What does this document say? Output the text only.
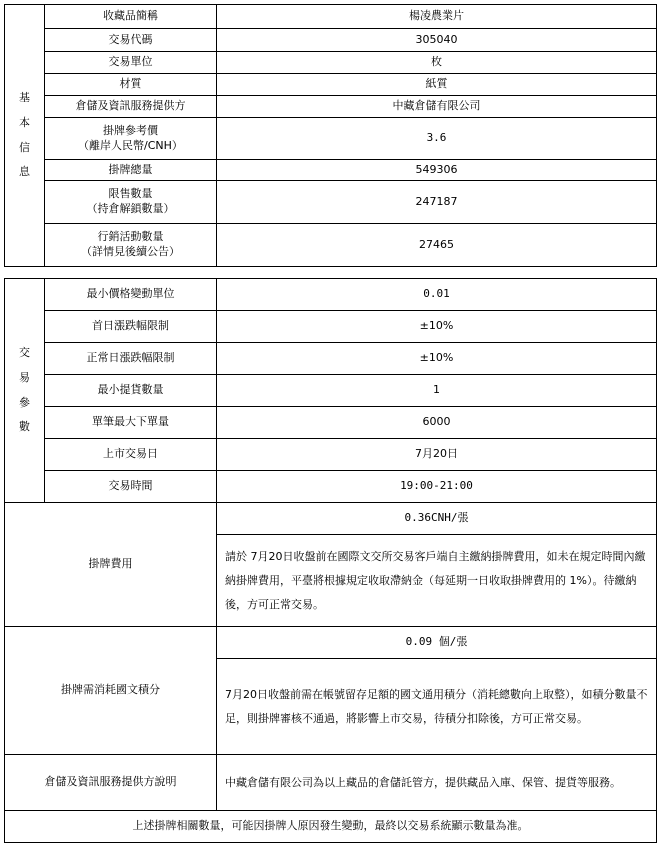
基
本
信
息	收藏品簡稱	楊凌農業片
	交易代碼	305040
	交易單位	枚
	材質	紙質
	倉儲及資訊服務提供方	中藏倉儲有限公司

	掛牌參考價
（離岸人民幣/CNH）	3.6
	掛牌總量	549306

	限售數量
（持倉解鎖數量）	247187

	行銷活動數量
（詳情見後續公告）	27465
交
易
參
數	最小價格變動單位	0.01
	首日漲跌幅限制	±10%
	正常日漲跌幅限制	±10%
	最小提貨數量	1
	單筆最大下單量	6000
	上市交易日	7月20日
	交易時間	19:00-21:00
掛牌費用	0.36CNH/張
	請於 7月20日收盤前在國際文交所交易客戶端自主繳納掛牌費用，如未在規定時間內繳納掛牌費用，平臺將根據規定收取滯納金（每延期一日收取掛牌費用的 1%）。待繳納後，方可正常交易。
掛牌需消耗國文積分	0.09 個/張
	7月20日收盤前需在帳號留存足額的國文通用積分（消耗總數向上取整），如積分數量不足，則掛牌審核不通過，將影響上市交易，待積分扣除後，方可正常交易。
倉儲及資訊服務提供方說明	中藏倉儲有限公司為以上藏品的倉儲託管方，提供藏品入庫、保管、提貨等服務。
上述掛牌相關數量，可能因掛牌人原因發生變動，最終以交易系統顯示數量為准。	
